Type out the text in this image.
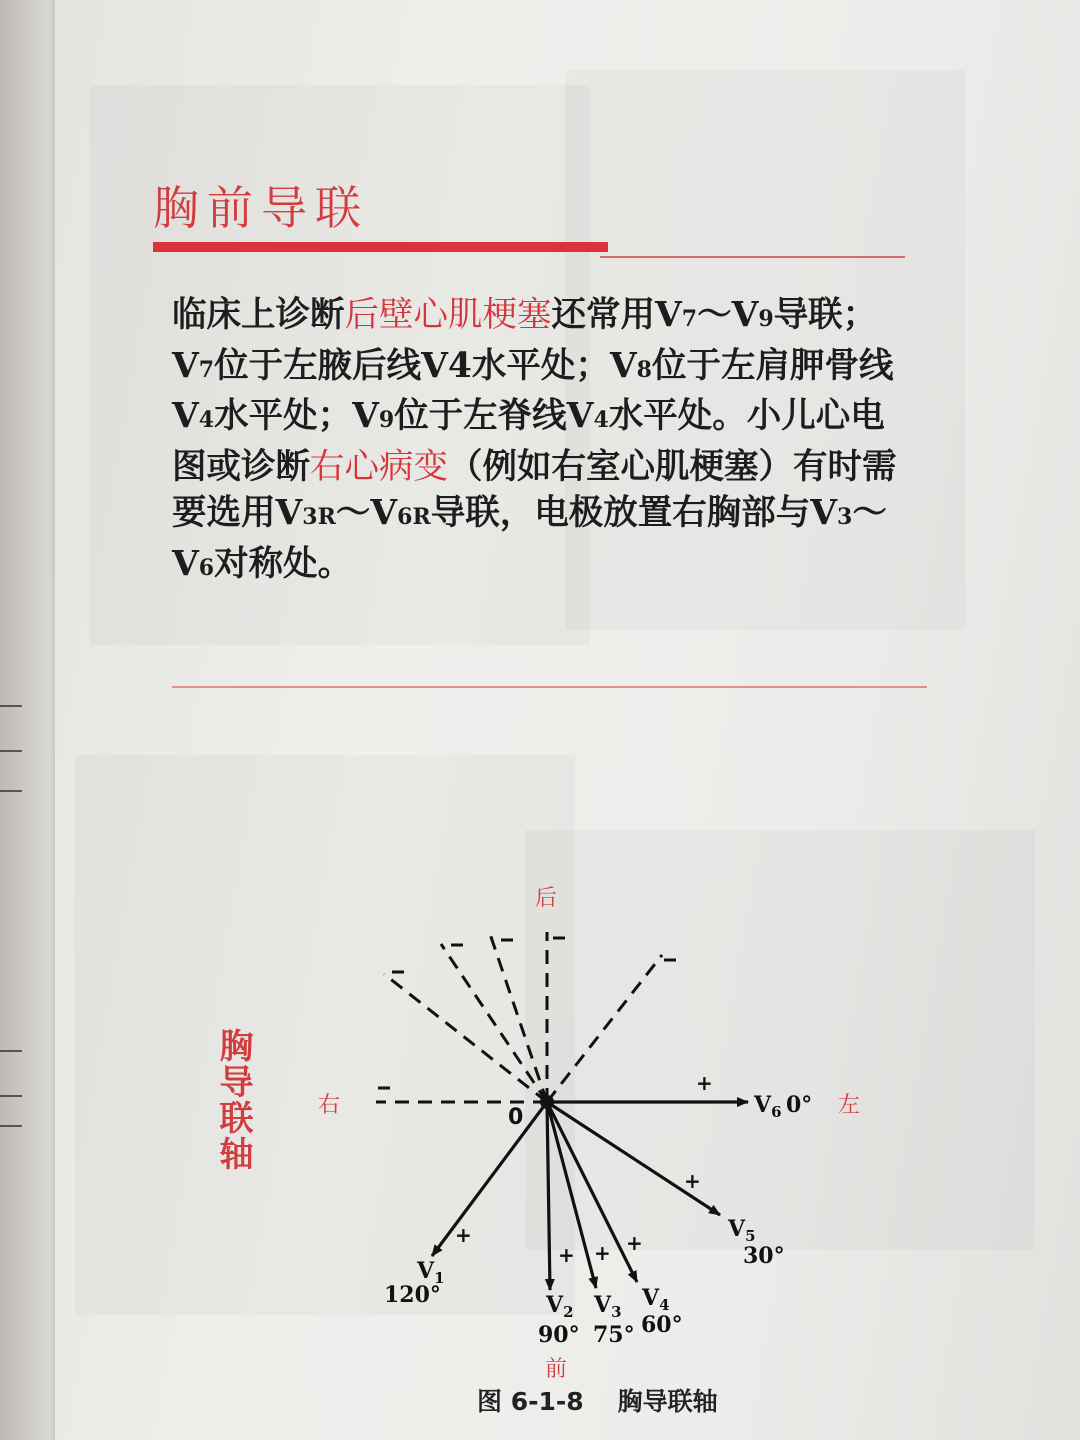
胸前导联

临床上诊断后壁心肌梗塞还常用V7～V9导联；V7位于左腋后线V4水平处；V8位于左肩胛骨线V4水平处；V9位于左脊线V4水平处。小儿心电图或诊断右心病变（例如右室心肌梗塞）有时需要选用V3R～V6R导联，电极放置右胸部与V3～V6对称处。

胸导联轴	+
+
+
+
+
+
后
前
右	左
0	$V_6$ 0°
$V_5$
30°
$V_4$
60°
$V_3$
75°
$V_2$
90°
$V_1$
120°

图 6-1-8 胸导联轴
